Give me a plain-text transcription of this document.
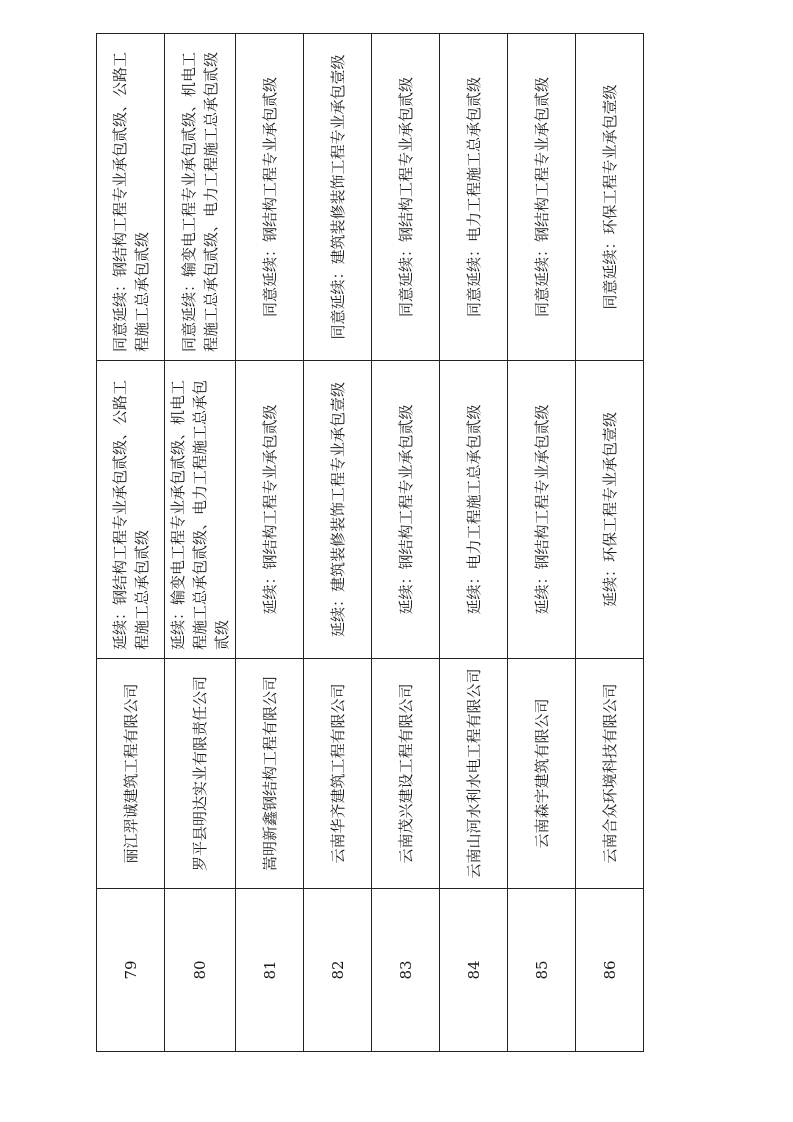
79	丽江羿诚建筑工程有限公司	延续：钢结构工程专业承包贰级、公路工程施工总承包贰级	同意延续：钢结构工程专业承包贰级、公路工程施工总承包贰级
80	罗平县明达实业有限责任公司	延续：输变电工程专业承包贰级、机电工程施工总承包贰级、电力工程施工总承包贰级	同意延续：输变电工程专业承包贰级、机电工程施工总承包贰级、电力工程施工总承包贰级
81	嵩明新鑫钢结构工程有限公司	延续：钢结构工程专业承包贰级	同意延续：钢结构工程专业承包贰级
82	云南华齐建筑工程有限公司	延续：建筑装修装饰工程专业承包壹级	同意延续：建筑装修装饰工程专业承包壹级
83	云南茂兴建设工程有限公司	延续：钢结构工程专业承包贰级	同意延续：钢结构工程专业承包贰级
84	云南山河水利水电工程有限公司	延续：电力工程施工总承包贰级	同意延续：电力工程施工总承包贰级
85	云南森宇建筑有限公司	延续：钢结构工程专业承包贰级	同意延续：钢结构工程专业承包贰级
86	云南合众环境科技有限公司	延续：环保工程专业承包壹级	同意延续：环保工程专业承包壹级
